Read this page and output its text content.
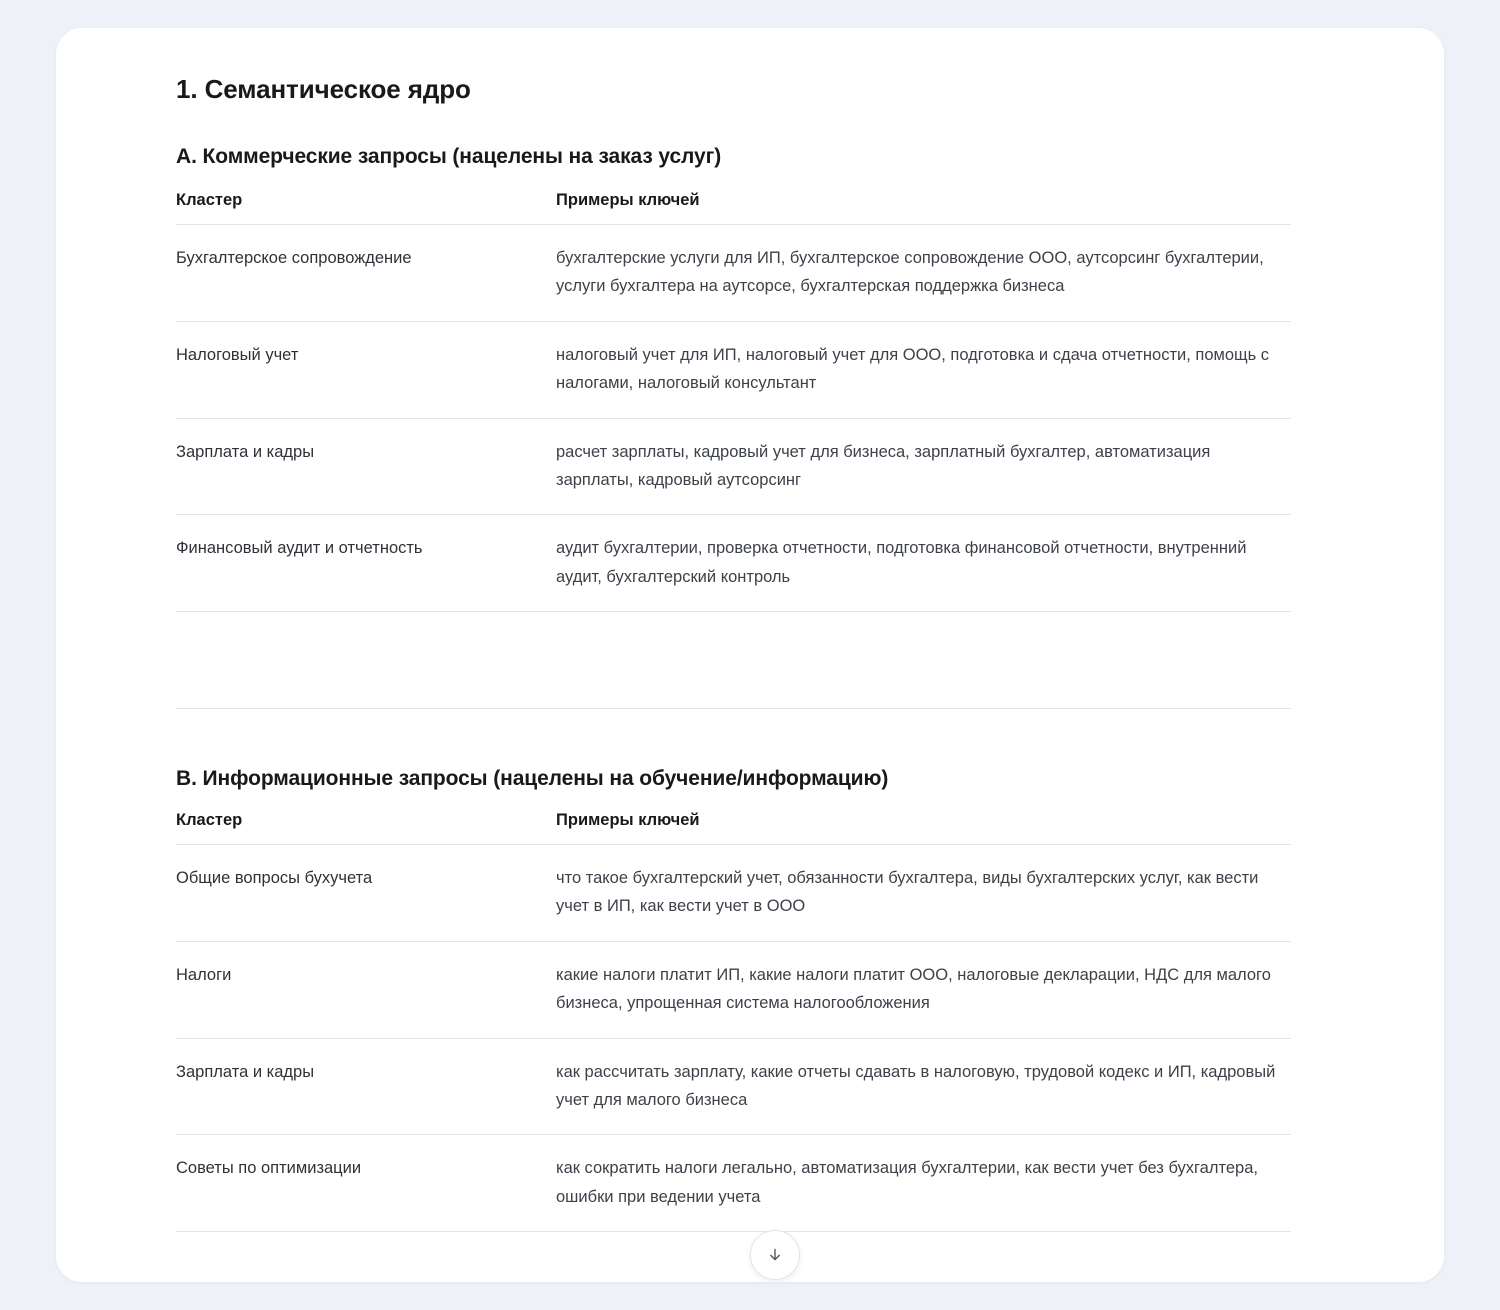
1. Семантическое ядро
A. Коммерческие запросы (нацелены на заказ услуг)
Кластер	Примеры ключей
Бухгалтерское сопровождение	бухгалтерские услуги для ИП, бухгалтерское сопровождение ООО, аутсорсинг бухгалтерии, услуги бухгалтера на аутсорсе, бухгалтерская поддержка бизнеса
Налоговый учет	налоговый учет для ИП, налоговый учет для ООО, подготовка и сдача отчетности, помощь с налогами, налоговый консультант
Зарплата и кадры	расчет зарплаты, кадровый учет для бизнеса, зарплатный бухгалтер, автоматизация зарплаты, кадровый аутсорсинг
Финансовый аудит и отчетность	аудит бухгалтерии, проверка отчетности, подготовка финансовой отчетности, внутренний аудит, бухгалтерский контроль
B. Информационные запросы (нацелены на обучение/информацию)
Кластер	Примеры ключей
Общие вопросы бухучета	что такое бухгалтерский учет, обязанности бухгалтера, виды бухгалтерских услуг, как вести учет в ИП, как вести учет в ООО
Налоги	какие налоги платит ИП, какие налоги платит ООО, налоговые декларации, НДС для малого бизнеса, упрощенная система налогообложения
Зарплата и кадры	как рассчитать зарплату, какие отчеты сдавать в налоговую, трудовой кодекс и ИП, кадровый учет для малого бизнеса
Советы по оптимизации	как сократить налоги легально, автоматизация бухгалтерии, как вести учет без бухгалтера, ошибки при ведении учета
